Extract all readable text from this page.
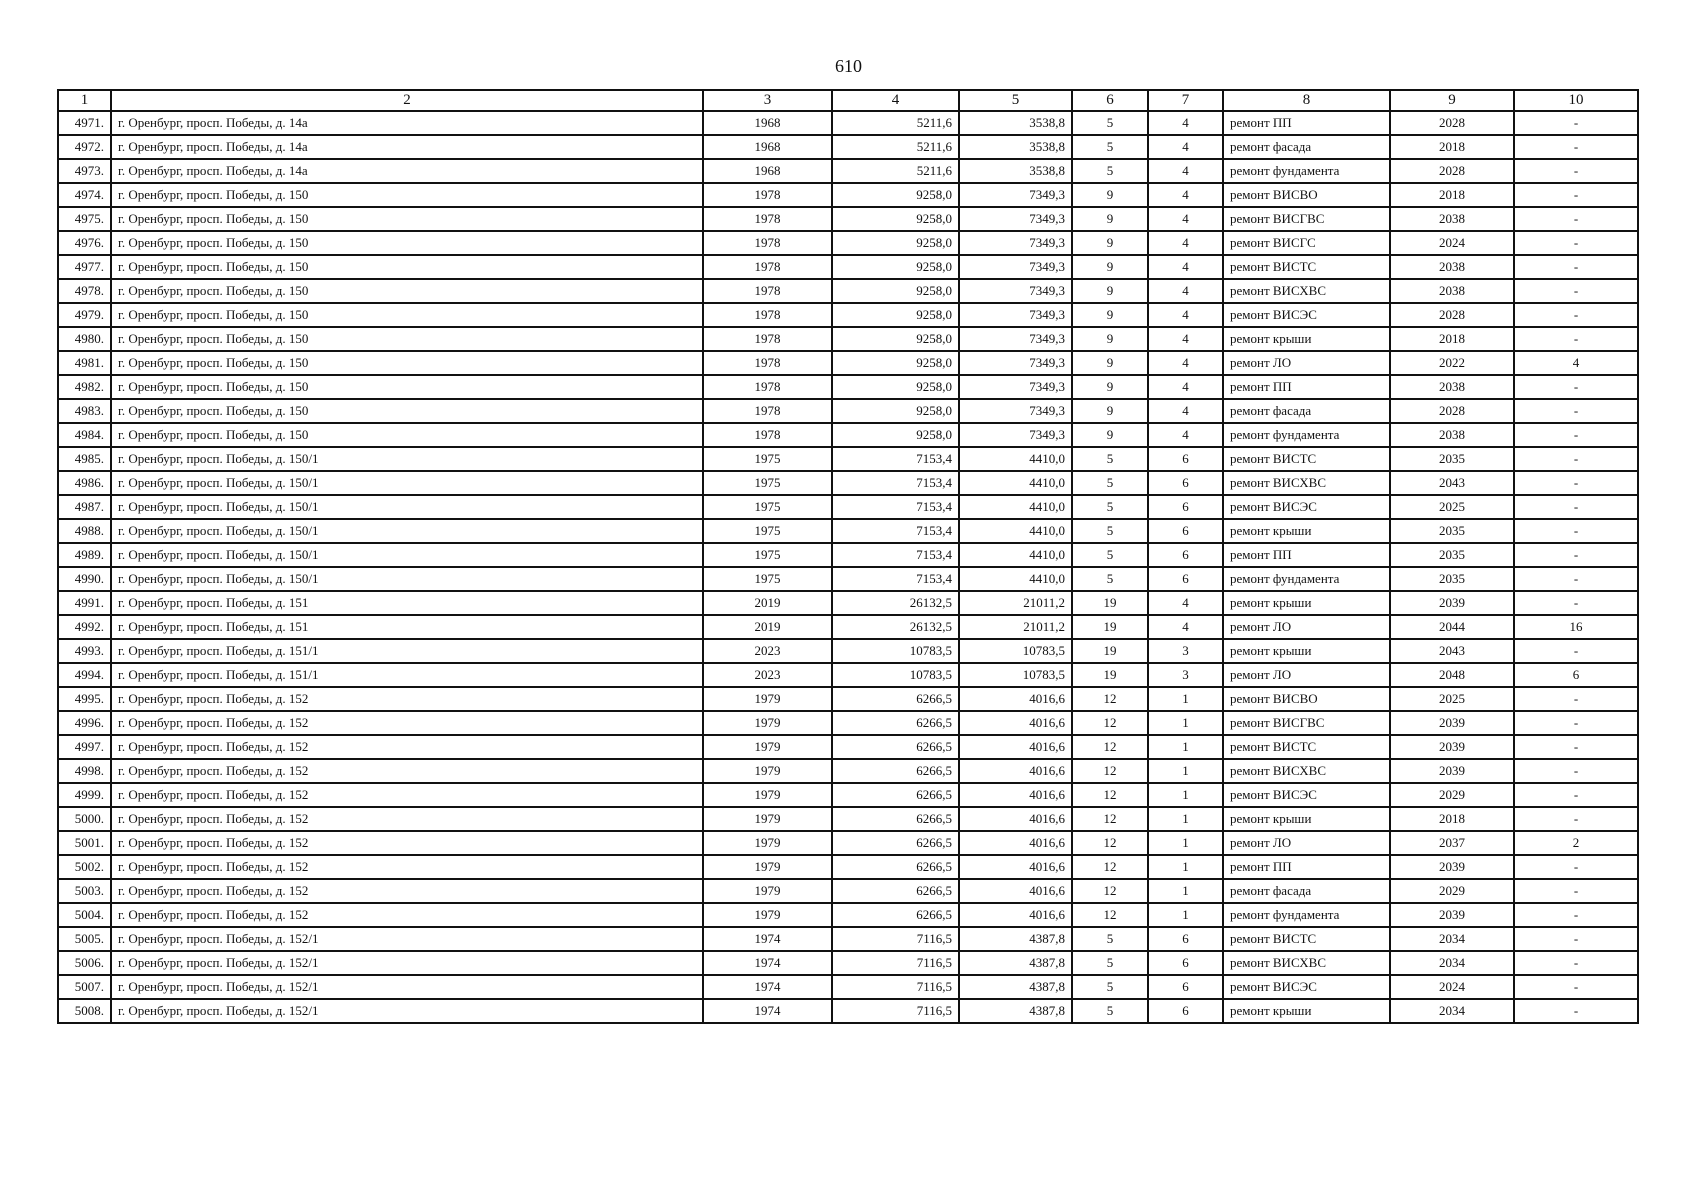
610
1	2	3	4	5	6	7	8	9	10
4971.	г. Оренбург, просп. Победы, д. 14а	1968	5211,6	3538,8	5	4	ремонт ПП	2028	-
4972.	г. Оренбург, просп. Победы, д. 14а	1968	5211,6	3538,8	5	4	ремонт фасада	2018	-
4973.	г. Оренбург, просп. Победы, д. 14а	1968	5211,6	3538,8	5	4	ремонт фундамента	2028	-
4974.	г. Оренбург, просп. Победы, д. 150	1978	9258,0	7349,3	9	4	ремонт ВИСВО	2018	-
4975.	г. Оренбург, просп. Победы, д. 150	1978	9258,0	7349,3	9	4	ремонт ВИСГВС	2038	-
4976.	г. Оренбург, просп. Победы, д. 150	1978	9258,0	7349,3	9	4	ремонт ВИСГС	2024	-
4977.	г. Оренбург, просп. Победы, д. 150	1978	9258,0	7349,3	9	4	ремонт ВИСТС	2038	-
4978.	г. Оренбург, просп. Победы, д. 150	1978	9258,0	7349,3	9	4	ремонт ВИСХВС	2038	-
4979.	г. Оренбург, просп. Победы, д. 150	1978	9258,0	7349,3	9	4	ремонт ВИСЭС	2028	-
4980.	г. Оренбург, просп. Победы, д. 150	1978	9258,0	7349,3	9	4	ремонт крыши	2018	-
4981.	г. Оренбург, просп. Победы, д. 150	1978	9258,0	7349,3	9	4	ремонт ЛО	2022	4
4982.	г. Оренбург, просп. Победы, д. 150	1978	9258,0	7349,3	9	4	ремонт ПП	2038	-
4983.	г. Оренбург, просп. Победы, д. 150	1978	9258,0	7349,3	9	4	ремонт фасада	2028	-
4984.	г. Оренбург, просп. Победы, д. 150	1978	9258,0	7349,3	9	4	ремонт фундамента	2038	-
4985.	г. Оренбург, просп. Победы, д. 150/1	1975	7153,4	4410,0	5	6	ремонт ВИСТС	2035	-
4986.	г. Оренбург, просп. Победы, д. 150/1	1975	7153,4	4410,0	5	6	ремонт ВИСХВС	2043	-
4987.	г. Оренбург, просп. Победы, д. 150/1	1975	7153,4	4410,0	5	6	ремонт ВИСЭС	2025	-
4988.	г. Оренбург, просп. Победы, д. 150/1	1975	7153,4	4410,0	5	6	ремонт крыши	2035	-
4989.	г. Оренбург, просп. Победы, д. 150/1	1975	7153,4	4410,0	5	6	ремонт ПП	2035	-
4990.	г. Оренбург, просп. Победы, д. 150/1	1975	7153,4	4410,0	5	6	ремонт фундамента	2035	-
4991.	г. Оренбург, просп. Победы, д. 151	2019	26132,5	21011,2	19	4	ремонт крыши	2039	-
4992.	г. Оренбург, просп. Победы, д. 151	2019	26132,5	21011,2	19	4	ремонт ЛО	2044	16
4993.	г. Оренбург, просп. Победы, д. 151/1	2023	10783,5	10783,5	19	3	ремонт крыши	2043	-
4994.	г. Оренбург, просп. Победы, д. 151/1	2023	10783,5	10783,5	19	3	ремонт ЛО	2048	6
4995.	г. Оренбург, просп. Победы, д. 152	1979	6266,5	4016,6	12	1	ремонт ВИСВО	2025	-
4996.	г. Оренбург, просп. Победы, д. 152	1979	6266,5	4016,6	12	1	ремонт ВИСГВС	2039	-
4997.	г. Оренбург, просп. Победы, д. 152	1979	6266,5	4016,6	12	1	ремонт ВИСТС	2039	-
4998.	г. Оренбург, просп. Победы, д. 152	1979	6266,5	4016,6	12	1	ремонт ВИСХВС	2039	-
4999.	г. Оренбург, просп. Победы, д. 152	1979	6266,5	4016,6	12	1	ремонт ВИСЭС	2029	-
5000.	г. Оренбург, просп. Победы, д. 152	1979	6266,5	4016,6	12	1	ремонт крыши	2018	-
5001.	г. Оренбург, просп. Победы, д. 152	1979	6266,5	4016,6	12	1	ремонт ЛО	2037	2
5002.	г. Оренбург, просп. Победы, д. 152	1979	6266,5	4016,6	12	1	ремонт ПП	2039	-
5003.	г. Оренбург, просп. Победы, д. 152	1979	6266,5	4016,6	12	1	ремонт фасада	2029	-
5004.	г. Оренбург, просп. Победы, д. 152	1979	6266,5	4016,6	12	1	ремонт фундамента	2039	-
5005.	г. Оренбург, просп. Победы, д. 152/1	1974	7116,5	4387,8	5	6	ремонт ВИСТС	2034	-
5006.	г. Оренбург, просп. Победы, д. 152/1	1974	7116,5	4387,8	5	6	ремонт ВИСХВС	2034	-
5007.	г. Оренбург, просп. Победы, д. 152/1	1974	7116,5	4387,8	5	6	ремонт ВИСЭС	2024	-
5008.	г. Оренбург, просп. Победы, д. 152/1	1974	7116,5	4387,8	5	6	ремонт крыши	2034	-
